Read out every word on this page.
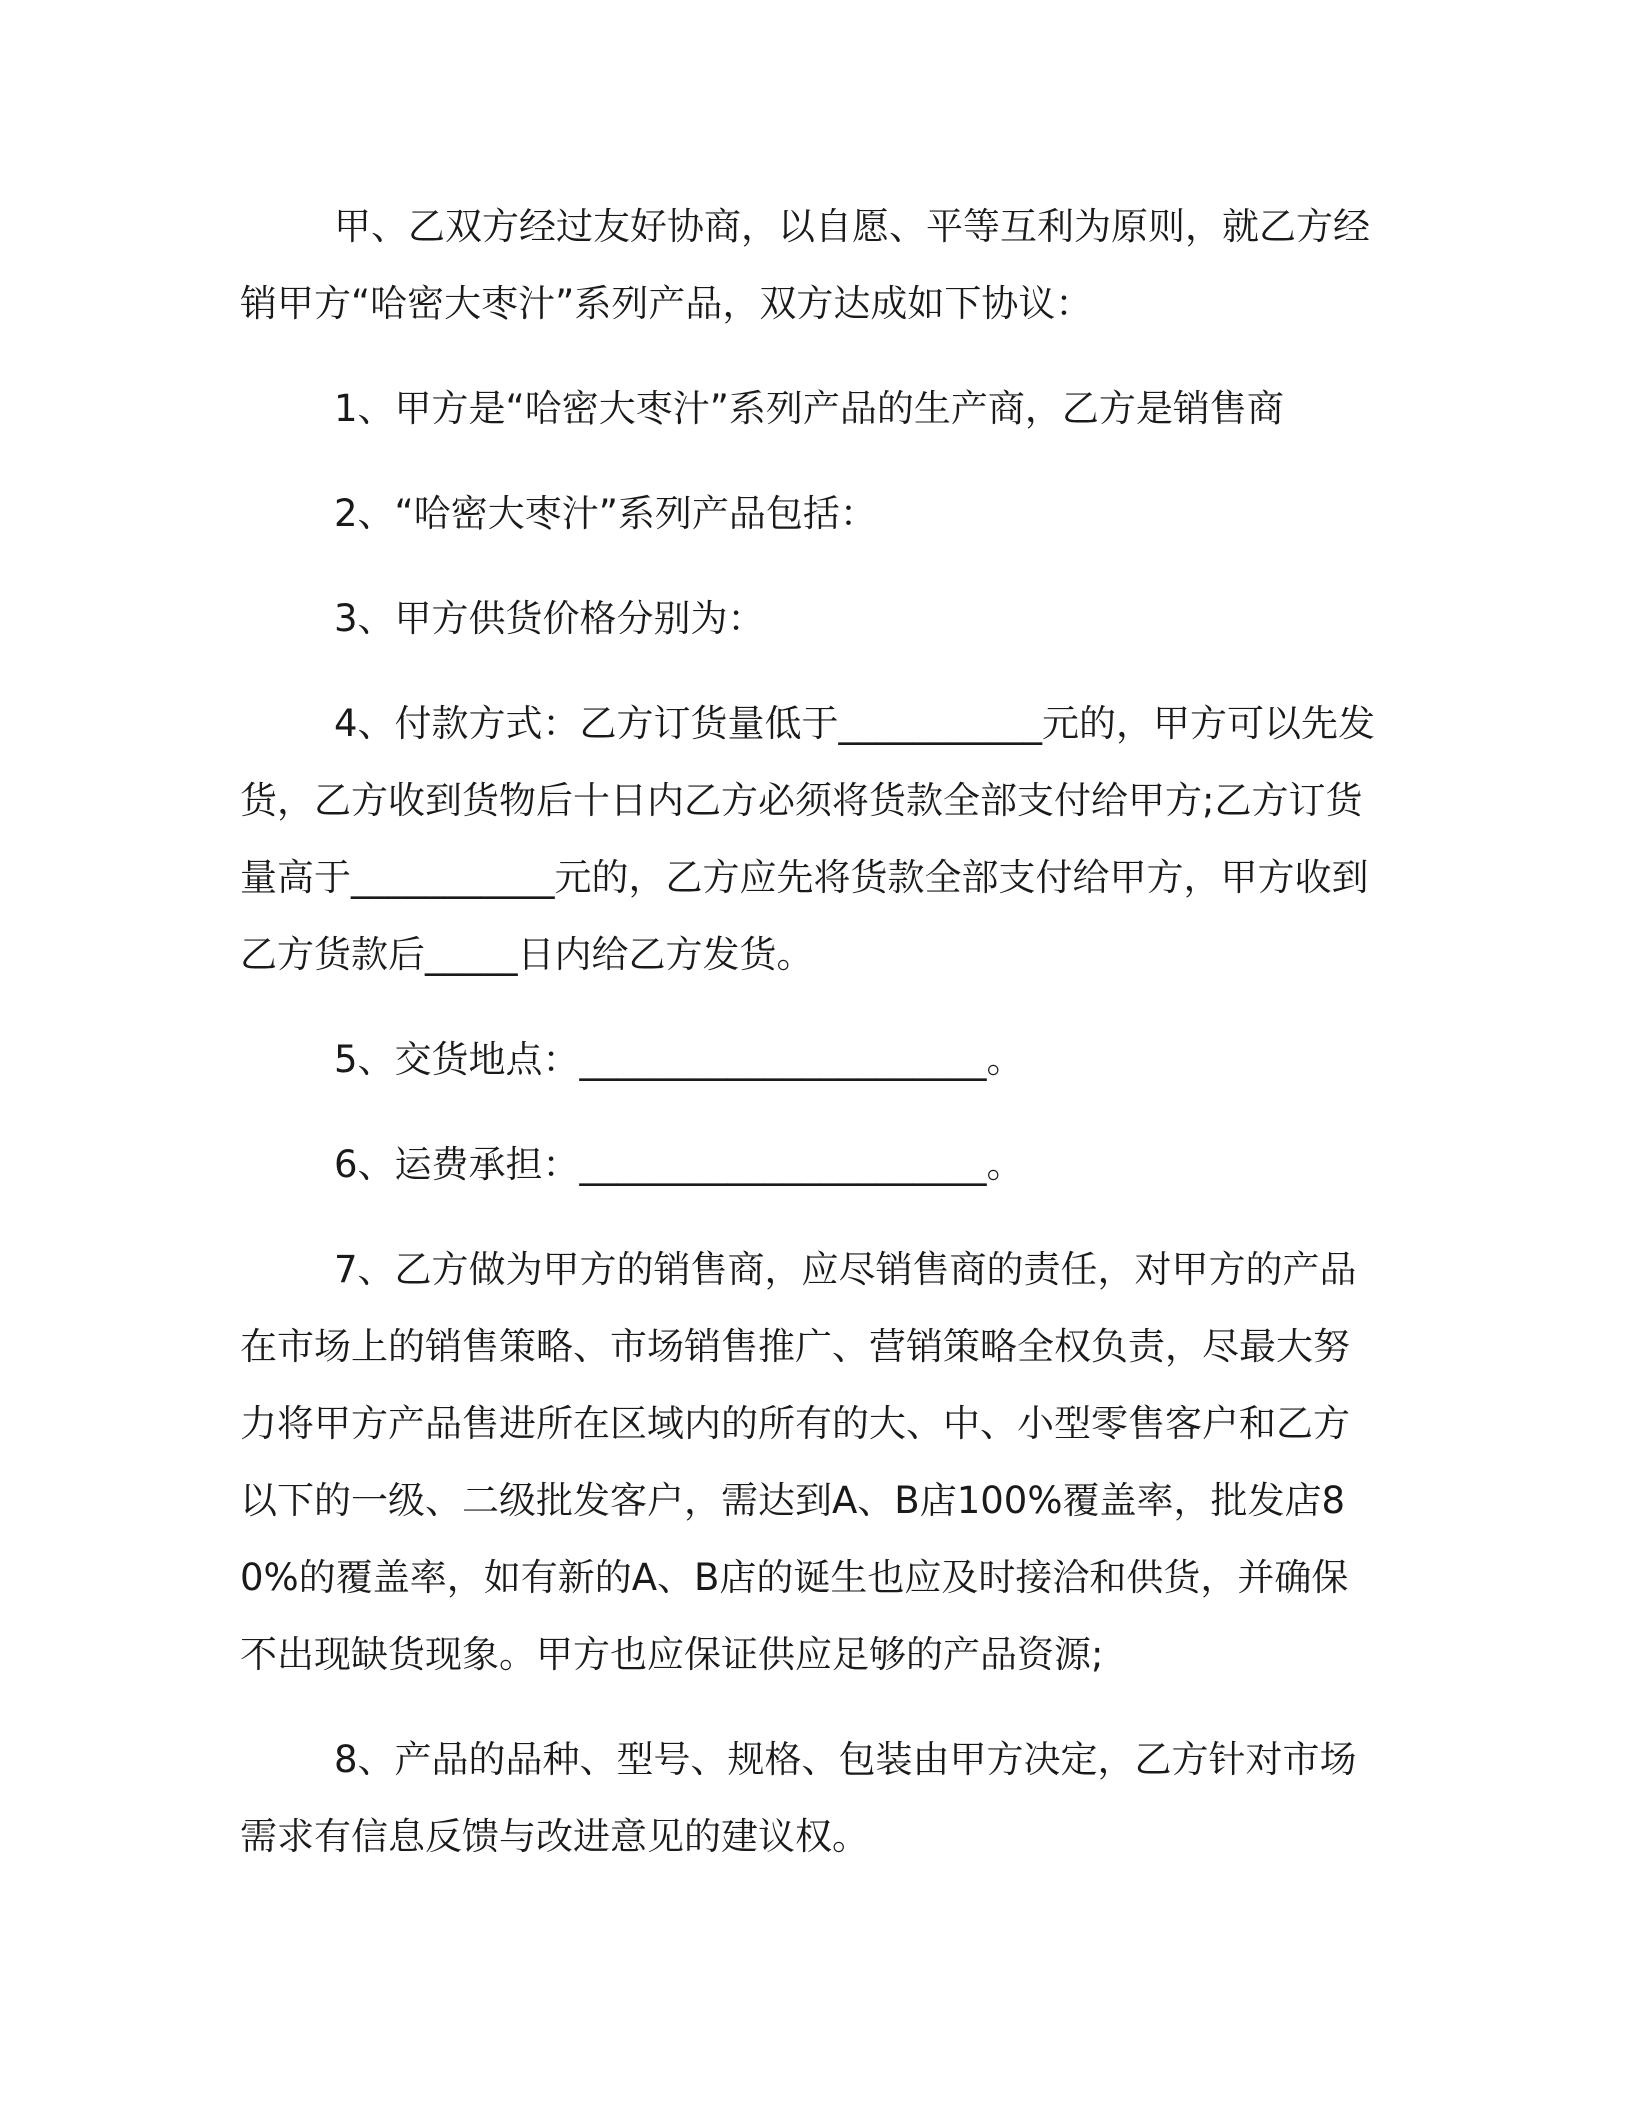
甲、乙双方经过友好协商，以自愿、平等互利为原则，就乙方经销甲方“哈密大枣汁”系列产品，双方达成如下协议：

1、甲方是“哈密大枣汁”系列产品的生产商，乙方是销售商

2、“哈密大枣汁”系列产品包括：

3、甲方供货价格分别为：

4、付款方式：乙方订货量低于___________元的，甲方可以先发货，乙方收到货物后十日内乙方必须将货款全部支付给甲方;乙方订货量高于___________元的，乙方应先将货款全部支付给甲方，甲方收到乙方货款后_____日内给乙方发货。

5、交货地点：______________________。

6、运费承担：______________________。

7、乙方做为甲方的销售商，应尽销售商的责任，对甲方的产品在市场上的销售策略、市场销售推广、营销策略全权负责，尽最大努力将甲方产品售进所在区域内的所有的大、中、小型零售客户和乙方以下的一级、二级批发客户，需达到A、B店100%覆盖率，批发店80%的覆盖率，如有新的A、B店的诞生也应及时接洽和供货，并确保不出现缺货现象。甲方也应保证供应足够的产品资源;

8、产品的品种、型号、规格、包装由甲方决定，乙方针对市场需求有信息反馈与改进意见的建议权。
